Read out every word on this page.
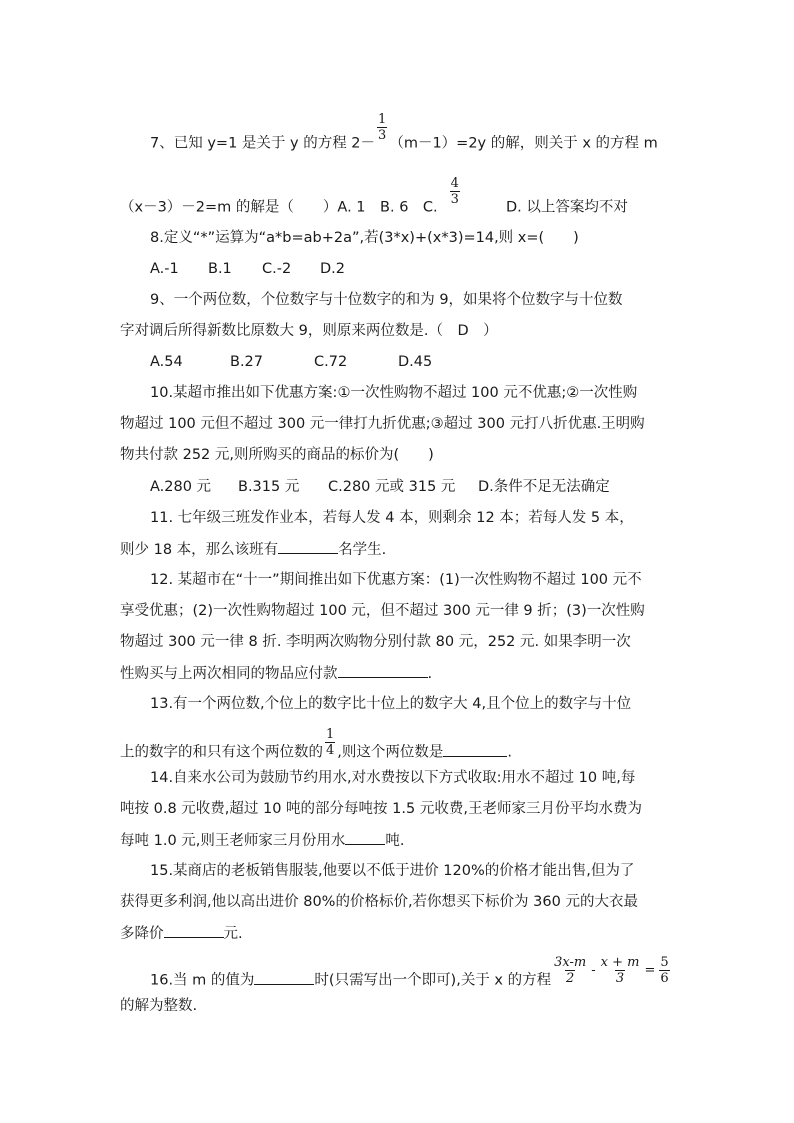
7、已知 y=1 是关于 y 的方程 2－
$\frac{1}{3}$
（m－1）=2y 的解，则关于 x 的方程 m
（x－3）－2=m 的解是（　　）A. 1　B. 6　C.
$\frac{4}{3}$
D. 以上答案均不对
8.定义“*”运算为“a*b=ab+2a”,若(3*x)+(x*3)=14,则 x=(　　)
A.-1 B.1 C.-2 D.2
9、一个两位数，个位数字与十位数字的和为 9，如果将个位数字与十位数
字对调后所得新数比原数大 9，则原来两位数是.（　D　）
A.54	B.27	C.72	D.45
10.某超市推出如下优惠方案:①一次性购物不超过 100 元不优惠;②一次性购
物超过 100 元但不超过 300 元一律打九折优惠;③超过 300 元打八折优惠.王明购
物共付款 252 元,则所购买的商品的标价为(　　)
A.280 元 B.315 元 C.280 元或 315 元 D.条件不足无法确定
11. 七年级三班发作业本，若每人发 4 本，则剩余 12 本；若每人发 5 本，
则少 18 本，那么该班有	名学生.
12. 某超市在“十一”期间推出如下优惠方案：(1)一次性购物不超过 100 元不
享受优惠；(2)一次性购物超过 100 元，但不超过 300 元一律 9 折；(3)一次性购
物超过 300 元一律 8 折. 李明两次购物分别付款 80 元，252 元. 如果李明一次
性购买与上两次相同的物品应付款	.
13.有一个两位数,个位上的数字比十位上的数字大 4,且个位上的数字与十位
上的数字的和只有这个两位数的 $\frac{1}{4}$ ,则这个两位数是	.
14.自来水公司为鼓励节约用水,对水费按以下方式收取:用水不超过 10 吨,每
吨按 0.8 元收费,超过 10 吨的部分每吨按 1.5 元收费,王老师家三月份平均水费为
每吨 1.0 元,则王老师家三月份用水	吨.
15.某商店的老板销售服装,他要以不低于进价 120%的价格才能出售,但为了
获得更多利润,他以高出进价 80%的价格标价,若你想买下标价为 360 元的大衣最
多降价	元.
16.当 m 的值为	时(只需写出一个即可),关于 x 的方程 $\frac{3x-m}{2} - \frac{x + m}{3} = \frac{5}{6}$
的解为整数.
